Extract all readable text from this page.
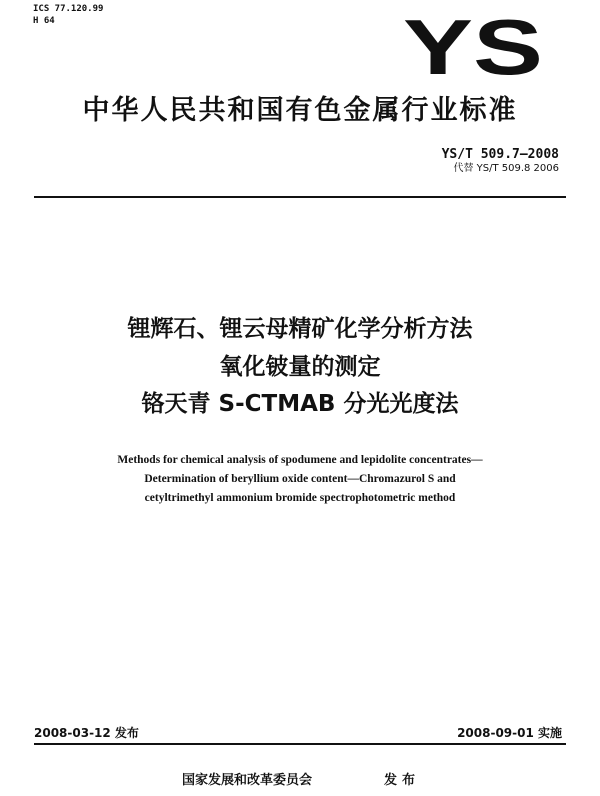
ICS 77.120.99
H 64	YS
中华人民共和国有色金属行业标准
YS/T 509.7—2008
代替 YS/T 509.8 2006
锂辉石、锂云母精矿化学分析方法
氧化铍量的测定
铬天青 S-CTMAB 分光光度法
Methods for chemical analysis of spodumene and lepidolite concentrates—
Determination of beryllium oxide content—Chromazurol S and
cetyltrimethyl ammonium bromide spectrophotometric method
2008-03-12 发布	2008-09-01 实施
国家发展和改革委员会	发布
